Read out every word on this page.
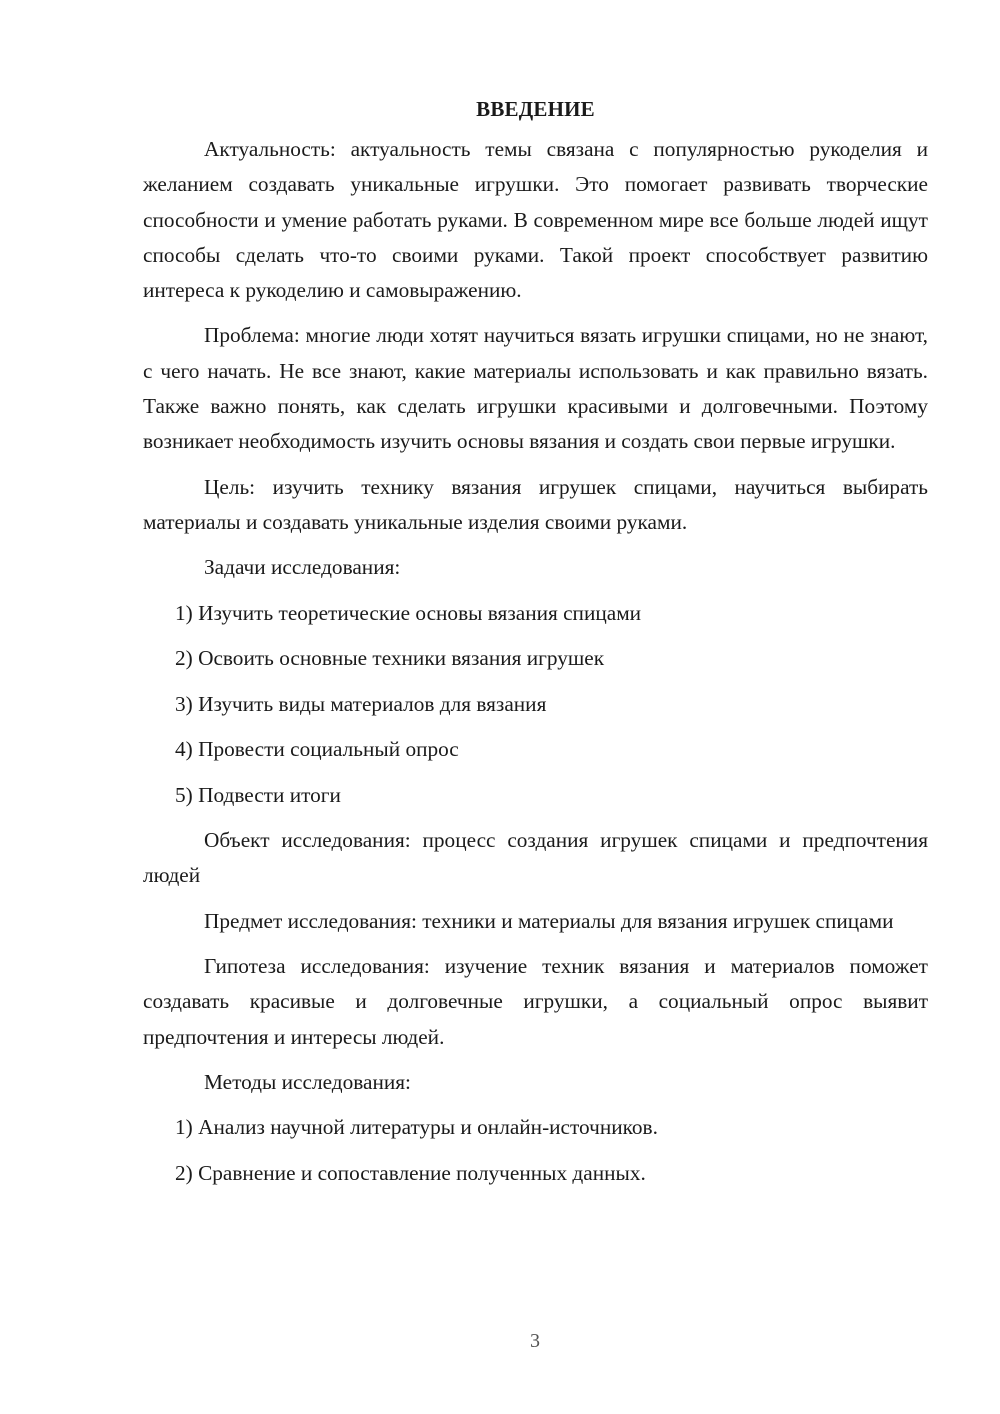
ВВЕДЕНИЕ

Актуальность: актуальность темы связана с популярностью рукоделия и желанием создавать уникальные игрушки. Это помогает развивать творческие способности и умение работать руками. В современном мире все больше людей ищут способы сделать что-то своими руками. Такой проект способствует развитию интереса к рукоделию и самовыражению.

Проблема: многие люди хотят научиться вязать игрушки спицами, но не знают, с чего начать. Не все знают, какие материалы использовать и как правильно вязать. Также важно понять, как сделать игрушки красивыми и долговечными. Поэтому возникает необходимость изучить основы вязания и создать свои первые игрушки.

Цель: изучить технику вязания игрушек спицами, научиться выбирать материалы и создавать уникальные изделия своими руками.

Задачи исследования:

1) Изучить теоретические основы вязания спицами
2) Освоить основные техники вязания игрушек
3) Изучить виды материалов для вязания
4) Провести социальный опрос
5) Подвести итоги

Объект исследования: процесс создания игрушек спицами и предпочтения людей

Предмет исследования: техники и материалы для вязания игрушек спицами

Гипотеза исследования: изучение техник вязания и материалов поможет создавать красивые и долговечные игрушки, а социальный опрос выявит предпочтения и интересы людей.

Методы исследования:

1) Анализ научной литературы и онлайн-источников.
2) Сравнение и сопоставление полученных данных.
3
